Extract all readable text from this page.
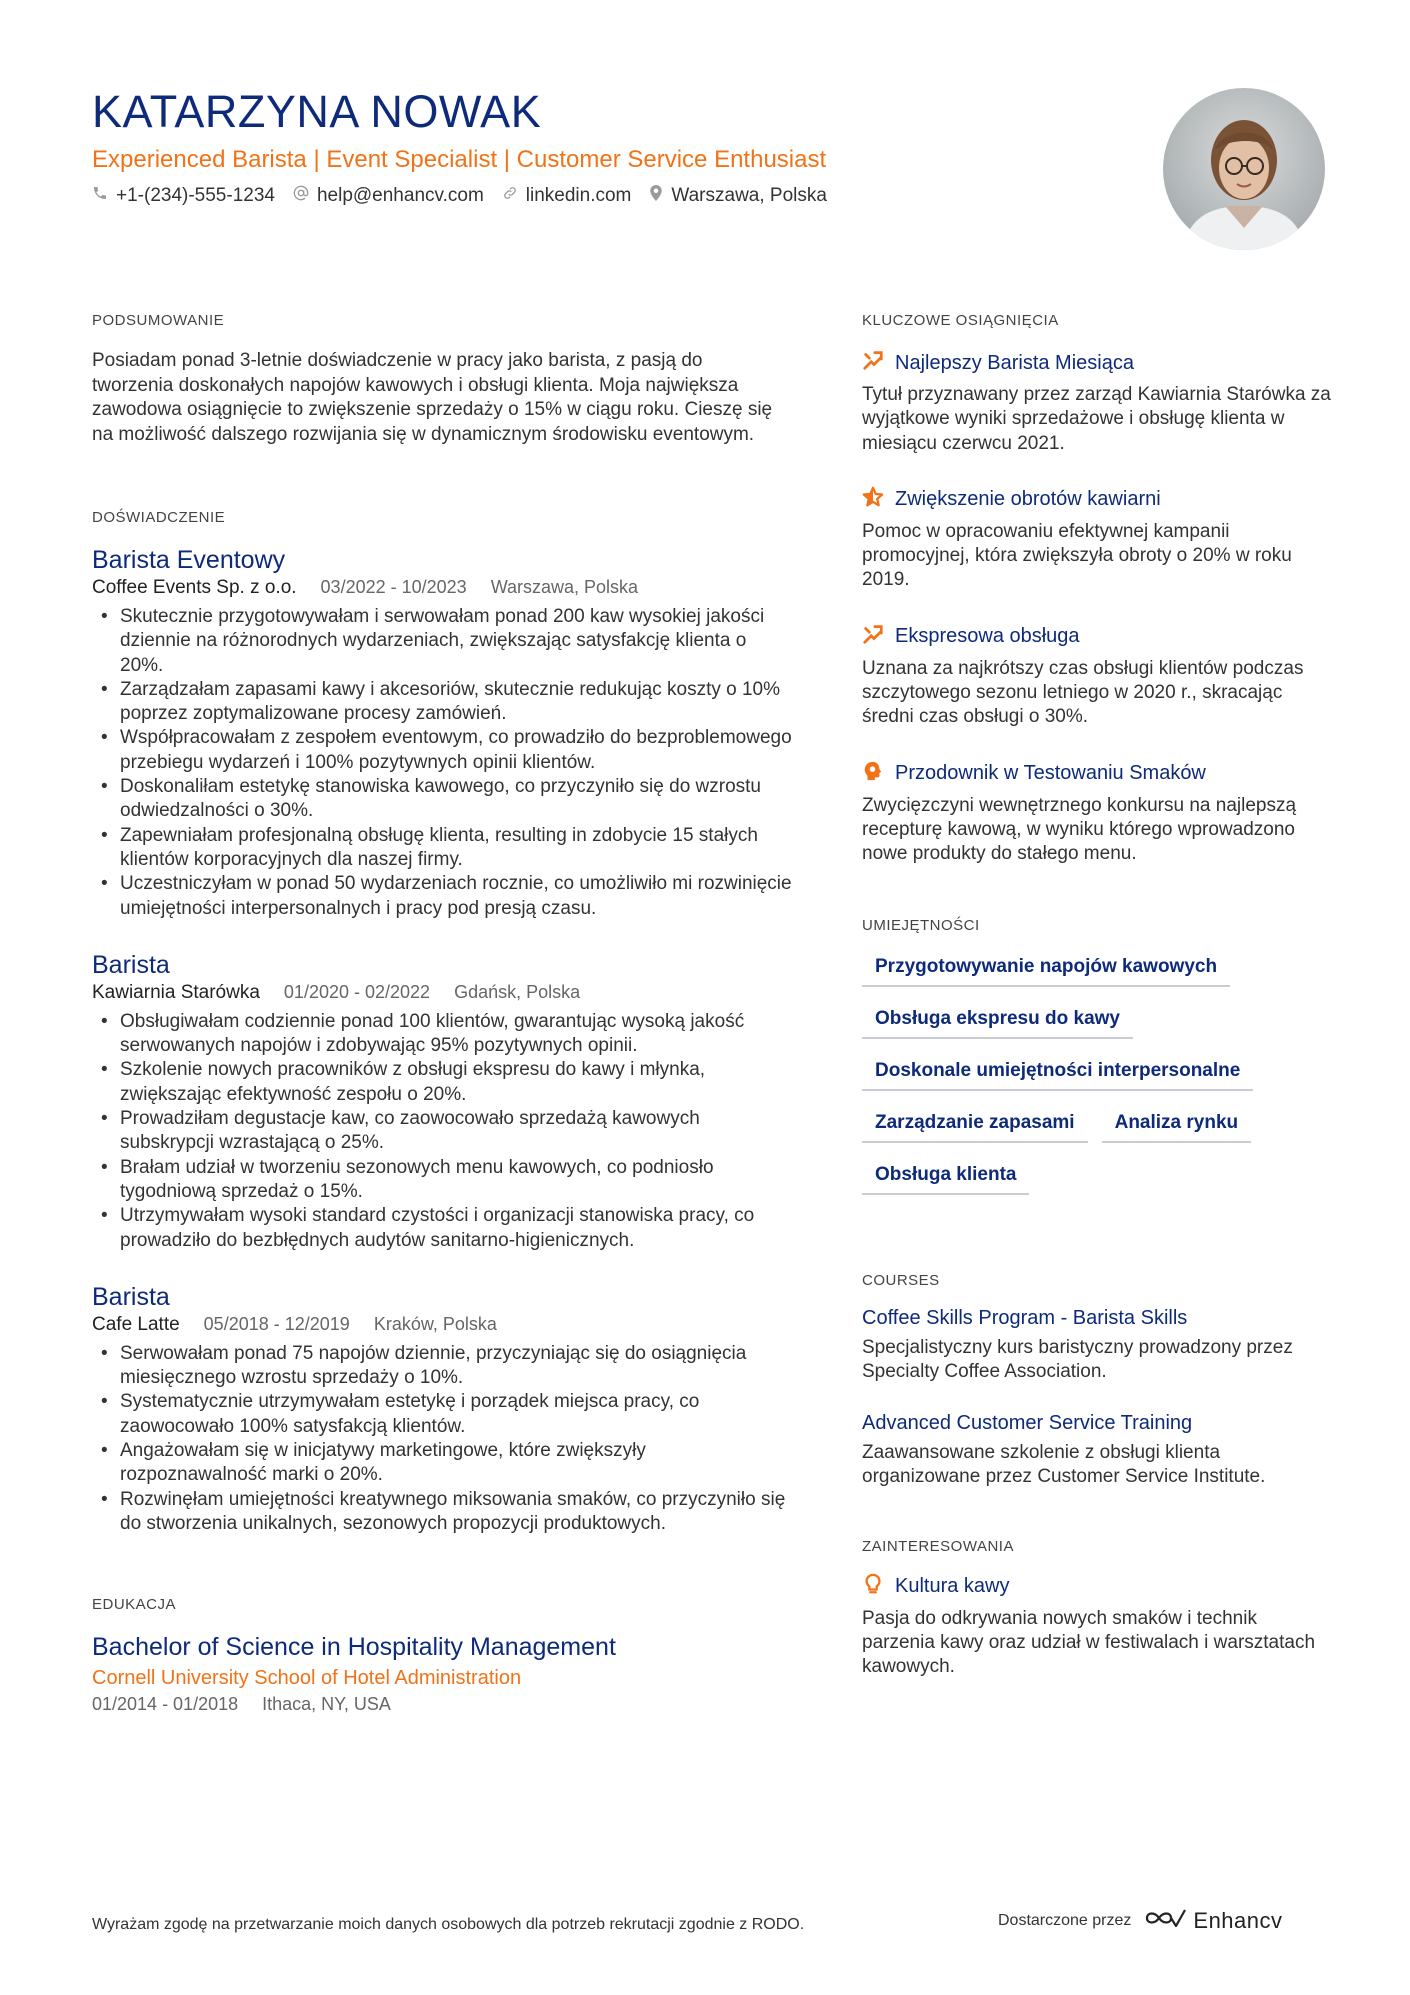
KATARZYNA NOWAK
Experienced Barista | Event Specialist | Customer Service Enthusiast
+1-(234)-555-1234 help@enhancv.com linkedin.com Warszawa, Polska
PODSUMOWANIE
Posiadam ponad 3-letnie doświadczenie w pracy jako barista, z pasją do tworzenia doskonałych napojów kawowych i obsługi klienta. Moja największa zawodowa osiągnięcie to zwiększenie sprzedaży o 15% w ciągu roku. Cieszę się na możliwość dalszego rozwijania się w dynamicznym środowisku eventowym.
DOŚWIADCZENIE
Barista Eventowy
Coffee Events Sp. z o.o. 03/2022 - 10/2023 Warszawa, Polska
• Skutecznie przygotowywałam i serwowałam ponad 200 kaw wysokiej jakości dziennie na różnorodnych wydarzeniach, zwiększając satysfakcję klienta o 20%.
• Zarządzałam zapasami kawy i akcesoriów, skutecznie redukując koszty o 10% poprzez zoptymalizowane procesy zamówień.
• Współpracowałam z zespołem eventowym, co prowadziło do bezproblemowego przebiegu wydarzeń i 100% pozytywnych opinii klientów.
• Doskonaliłam estetykę stanowiska kawowego, co przyczyniło się do wzrostu odwiedzalności o 30%.
• Zapewniałam profesjonalną obsługę klienta, resulting in zdobycie 15 stałych klientów korporacyjnych dla naszej firmy.
• Uczestniczyłam w ponad 50 wydarzeniach rocznie, co umożliwiło mi rozwinięcie umiejętności interpersonalnych i pracy pod presją czasu.
Barista
Kawiarnia Starówka 01/2020 - 02/2022 Gdańsk, Polska
• Obsługiwałam codziennie ponad 100 klientów, gwarantując wysoką jakość serwowanych napojów i zdobywając 95% pozytywnych opinii.
• Szkolenie nowych pracowników z obsługi ekspresu do kawy i młynka, zwiększając efektywność zespołu o 20%.
• Prowadziłam degustacje kaw, co zaowocowało sprzedażą kawowych subskrypcji wzrastającą o 25%.
• Brałam udział w tworzeniu sezonowych menu kawowych, co podniosło tygodniową sprzedaż o 15%.
• Utrzymywałam wysoki standard czystości i organizacji stanowiska pracy, co prowadziło do bezbłędnych audytów sanitarno-higienicznych.
Barista
Cafe Latte 05/2018 - 12/2019 Kraków, Polska
• Serwowałam ponad 75 napojów dziennie, przyczyniając się do osiągnięcia miesięcznego wzrostu sprzedaży o 10%.
• Systematycznie utrzymywałam estetykę i porządek miejsca pracy, co zaowocowało 100% satysfakcją klientów.
• Angażowałam się w inicjatywy marketingowe, które zwiększyły rozpoznawalność marki o 20%.
• Rozwinęłam umiejętności kreatywnego miksowania smaków, co przyczyniło się do stworzenia unikalnych, sezonowych propozycji produktowych.
EDUKACJA
Bachelor of Science in Hospitality Management
Cornell University School of Hotel Administration
01/2014 - 01/2018 Ithaca, NY, USA
KLUCZOWE OSIĄGNIĘCIA
Najlepszy Barista Miesiąca
Tytuł przyznawany przez zarząd Kawiarnia Starówka za wyjątkowe wyniki sprzedażowe i obsługę klienta w miesiącu czerwcu 2021.
Zwiększenie obrotów kawiarni
Pomoc w opracowaniu efektywnej kampanii promocyjnej, która zwiększyła obroty o 20% w roku 2019.
Ekspresowa obsługa
Uznana za najkrótszy czas obsługi klientów podczas szczytowego sezonu letniego w 2020 r., skracając średni czas obsługi o 30%.
Przodownik w Testowaniu Smaków
Zwycięzczyni wewnętrznego konkursu na najlepszą recepturę kawową, w wyniku którego wprowadzono nowe produkty do stałego menu.
UMIEJĘTNOŚCI
Przygotowywanie napojów kawowych
Obsługa ekspresu do kawy
Doskonale umiejętności interpersonalne
Zarządzanie zapasami	Analiza rynku
Obsługa klienta
COURSES
Coffee Skills Program - Barista Skills
Specjalistyczny kurs baristyczny prowadzony przez Specialty Coffee Association.
Advanced Customer Service Training
Zaawansowane szkolenie z obsługi klienta organizowane przez Customer Service Institute.
ZAINTERESOWANIA
Kultura kawy
Pasja do odkrywania nowych smaków i technik parzenia kawy oraz udział w festiwalach i warsztatach kawowych.
Wyrażam zgodę na przetwarzanie moich danych osobowych dla potrzeb rekrutacji zgodnie z RODO.	Dostarczone przez	Enhancv
